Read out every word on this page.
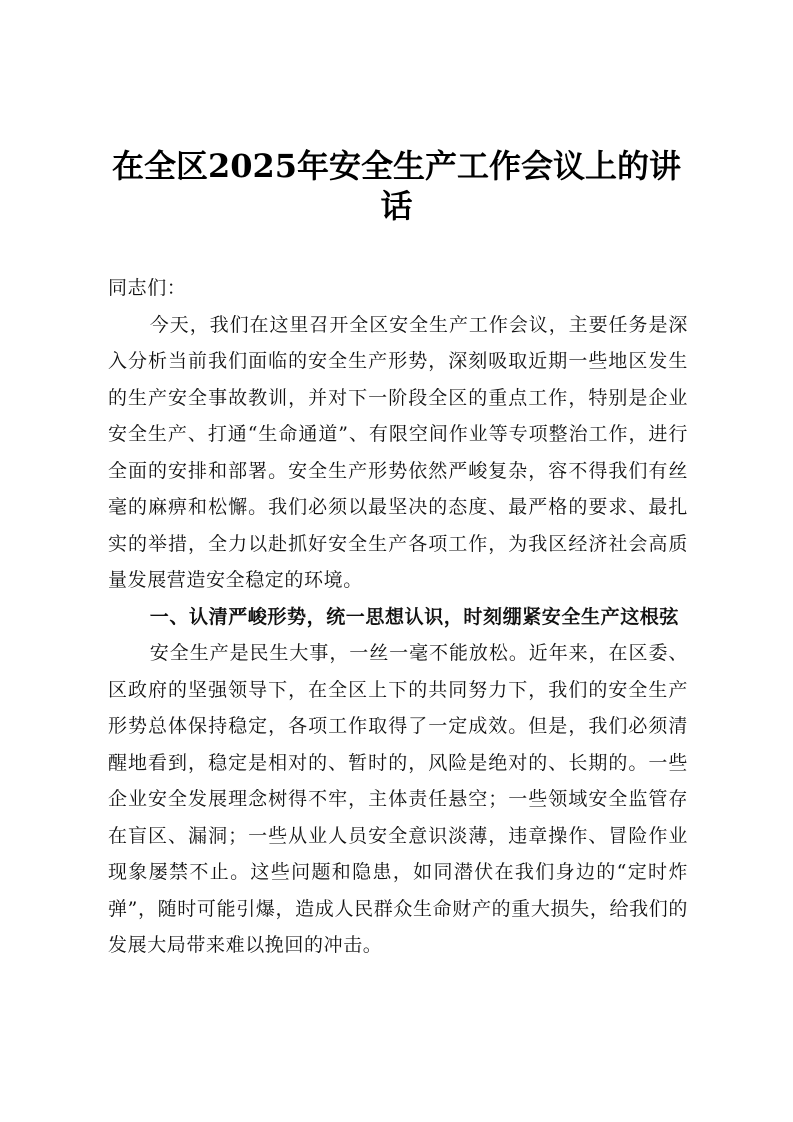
在全区2025年安全生产工作会议上的讲话

同志们：

今天，我们在这里召开全区安全生产工作会议，主要任务是深入分析当前我们面临的安全生产形势，深刻吸取近期一些地区发生的生产安全事故教训，并对下一阶段全区的重点工作，特别是企业安全生产、打通“生命通道”、有限空间作业等专项整治工作，进行全面的安排和部署。安全生产形势依然严峻复杂，容不得我们有丝毫的麻痹和松懈。我们必须以最坚决的态度、最严格的要求、最扎实的举措，全力以赴抓好安全生产各项工作，为我区经济社会高质量发展营造安全稳定的环境。

一、认清严峻形势，统一思想认识，时刻绷紧安全生产这根弦

安全生产是民生大事，一丝一毫不能放松。近年来，在区委、区政府的坚强领导下，在全区上下的共同努力下，我们的安全生产形势总体保持稳定，各项工作取得了一定成效。但是，我们必须清醒地看到，稳定是相对的、暂时的，风险是绝对的、长期的。一些企业安全发展理念树得不牢，主体责任悬空；一些领域安全监管存在盲区、漏洞；一些从业人员安全意识淡薄，违章操作、冒险作业现象屡禁不止。这些问题和隐患，如同潜伏在我们身边的“定时炸弹”，随时可能引爆，造成人民群众生命财产的重大损失，给我们的发展大局带来难以挽回的冲击。
